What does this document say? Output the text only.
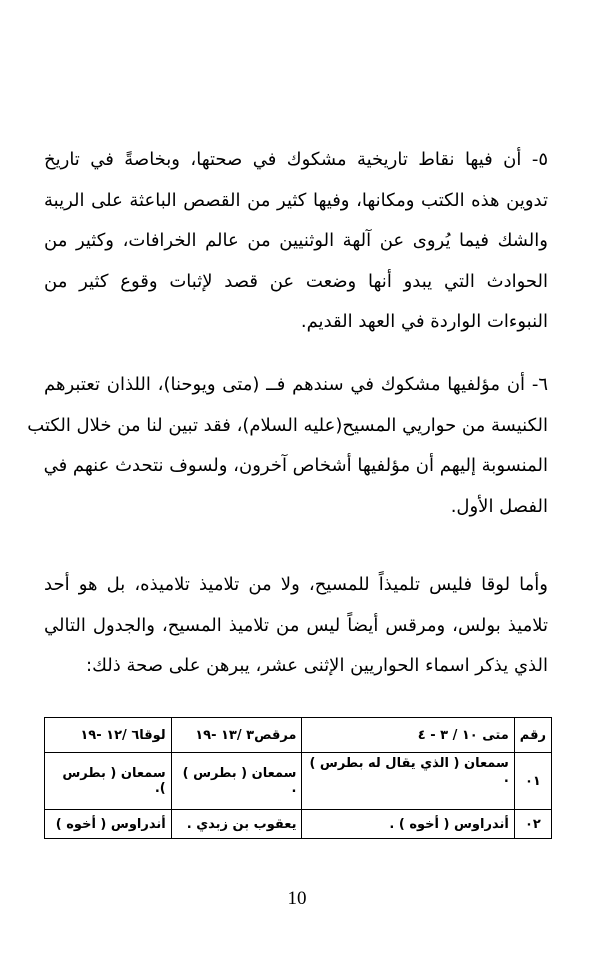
٥- أن فيها نقاط تاريخية مشكوك في صحتها، وبخاصةً في تاريخ
تدوين هذه الكتب ومكانها، وفيها كثير من القصص الباعثة على الريبة
والشك فيما يُروى عن آلهة الوثنيين من عالم الخرافات، وكثير من
الحوادث التي يبدو أنها وضعت عن قصد لإثبات وقوع كثير من
النبوءات الواردة في العهد القديم.
٦- أن مؤلفيها مشكوك في سندهم فــ (متى ويوحنا)، اللذان تعتبرهم
الكنيسة من حواريي المسيح(عليه السلام)، فقد تبين لنا من خلال الكتب
المنسوبة إليهم أن مؤلفيها أشخاص آخرون، ولسوف نتحدث عنهم في
الفصل الأول.
وأما لوقا فليس تلميذاً للمسيح، ولا من تلاميذ تلاميذه، بل هو أحد
تلاميذ بولس، ومرقس أيضاً ليس من تلاميذ المسيح، والجدول التالي
الذي يذكر اسماء الحواريين الإثنى عشر، يبرهن على صحة ذلك:
رقم	متى ١٠ / ٣ - ٤	مرقص٣ /١٣ -١٩	لوقا٦ /١٢ -١٩
٠١	سمعان ( الذي يقال له بطرس ) .	سمعان ( بطرس ) .	سمعان ( بطرس ).
٠٢	أندراوس ( أخوه ) .	يعقوب بن زبدي .	أندراوس ( أخوه )
10
